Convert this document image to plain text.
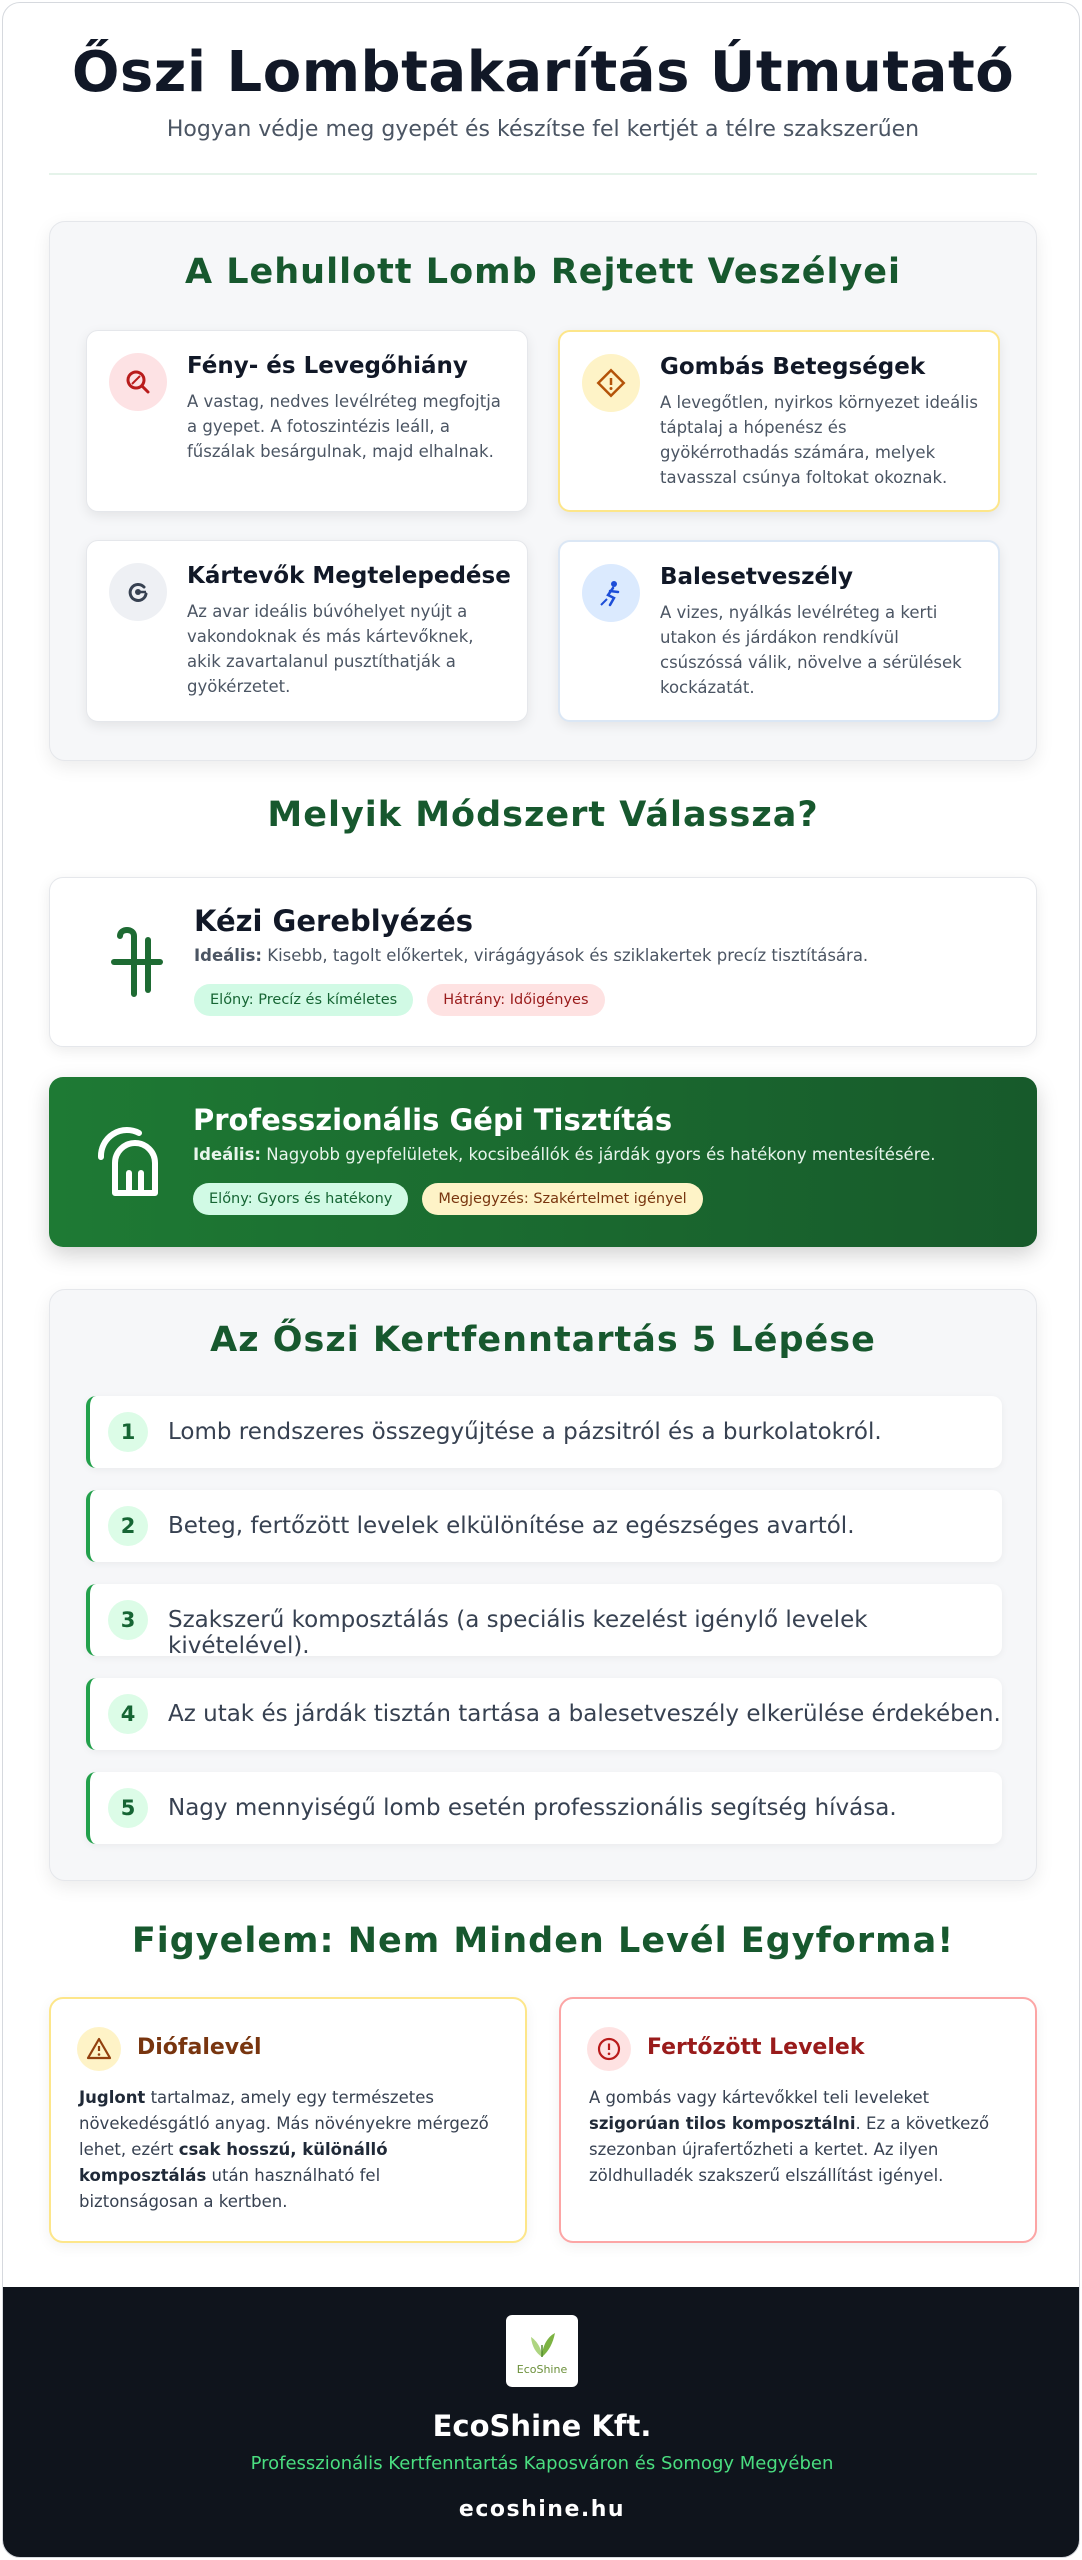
Őszi Lombtakarítás Útmutató

Hogyan védje meg gyepét és készítse fel kertjét a télre szakszerűen

A Lehullott Lomb Rejtett Veszélyei
Fény- és Levegőhiány

A vastag, nedves levélréteg megfojtja a gyepet. A fotoszintézis leáll, a fűszálak besárgulnak, majd elhalnak.

Gombás Betegségek

A levegőtlen, nyirkos környezet ideális táptalaj a hópenész és gyökérrothadás számára, melyek tavasszal csúnya foltokat okoznak.

Kártevők Megtelepedése

Az avar ideális búvóhelyet nyújt a vakondoknak és más kártevőknek, akik zavartalanul pusztíthatják a gyökérzetet.

Balesetveszély

A vizes, nyálkás levélréteg a kerti utakon és járdákon rendkívül csúszóssá válik, növelve a sérülések kockázatát.

Melyik Módszert Válassza?
Kézi Gereblyézés
Ideális: Kisebb, tagolt előkertek, virágágyások és sziklakertek precíz tisztítására.
Előny: Precíz és kíméletes	Hátrány: Időigényes
Professzionális Gépi Tisztítás
Ideális: Nagyobb gyepfelületek, kocsibeállók és járdák gyors és hatékony mentesítésére.
Előny: Gyors és hatékony	Megjegyzés: Szakértelmet igényel
Az Őszi Kertfenntartás 5 Lépése
1	Lomb rendszeres összegyűjtése a pázsitról és a burkolatokról.
2	Beteg, fertőzött levelek elkülönítése az egészséges avartól.
3	Szakszerű komposztálás (a speciális kezelést igénylő levelek kivételével).
4	Az utak és járdák tisztán tartása a balesetveszély elkerülése érdekében.
5	Nagy mennyiségű lomb esetén professzionális segítség hívása.
Figyelem: Nem Minden Levél Egyforma!
Diófalevél

Juglont tartalmaz, amely egy természetes növekedésgátló anyag. Más növényekre mérgező lehet, ezért csak hosszú, különálló komposztálás után használható fel biztonságosan a kertben.

Fertőzött Levelek

A gombás vagy kártevőkkel teli leveleket szigorúan tilos komposztálni. Ez a következő szezonban újrafertőzheti a kertet. Az ilyen zöldhulladék szakszerű elszállítást igényel.

EcoShine
EcoShine Kft.
Professzionális Kertfenntartás Kaposváron és Somogy Megyében
ecoshine.hu
